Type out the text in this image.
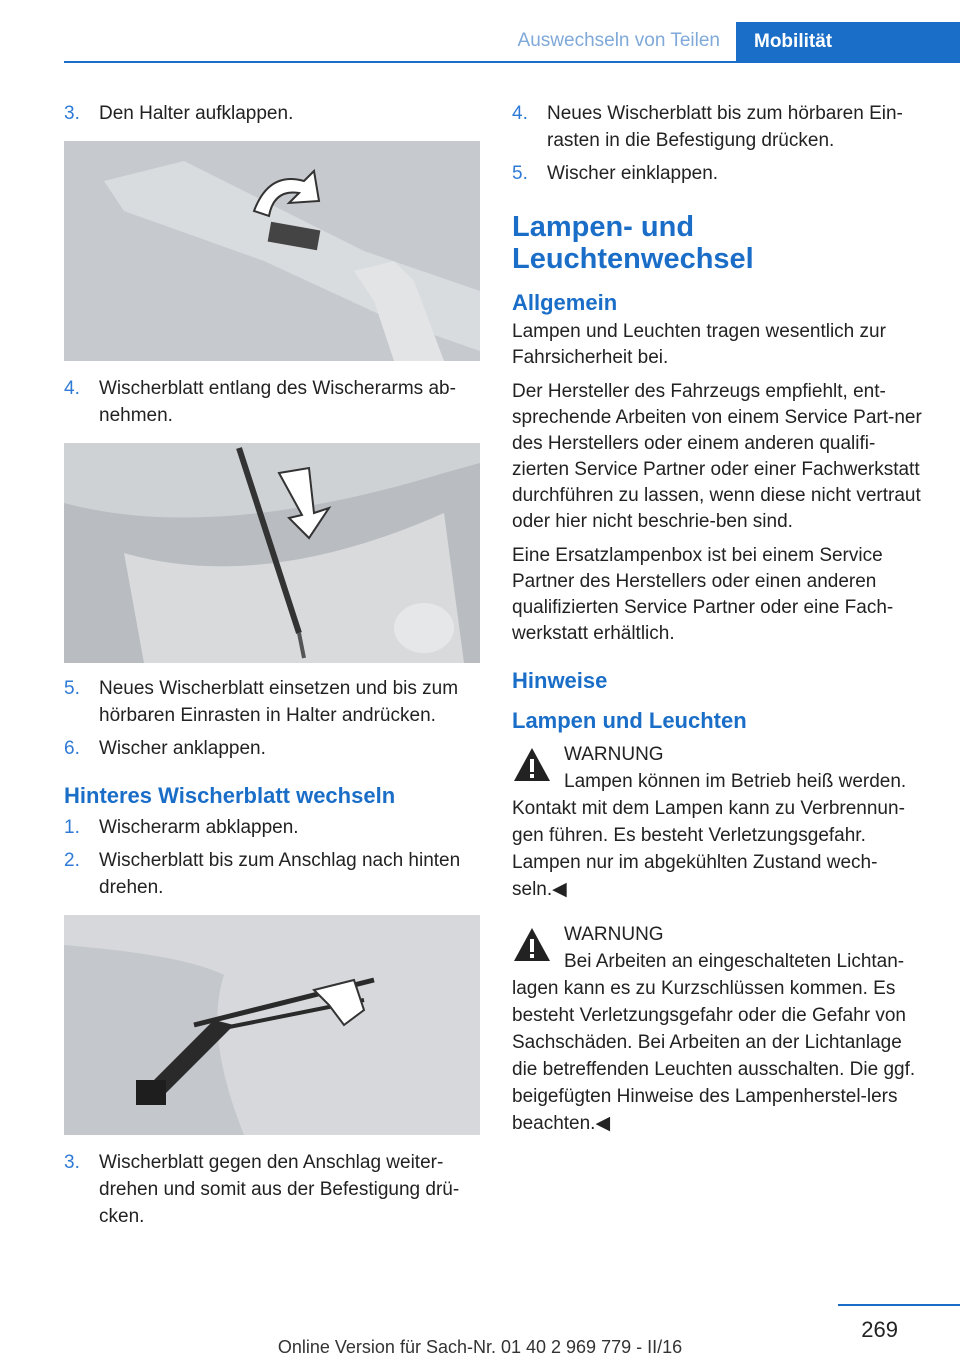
Auswechseln von Teilen	Mobilität
3.	Den Halter aufklappen.
4.	Wischerblatt entlang des Wischerarms ab‐nehmen.
5.	Neues Wischerblatt einsetzen und bis zum hörbaren Einrasten in Halter andrücken.
6.	Wischer anklappen.
Hinteres Wischerblatt wechseln
1.	Wischerarm abklappen.
2.	Wischerblatt bis zum Anschlag nach hinten drehen.
3.	Wischerblatt gegen den Anschlag weiter‐drehen und somit aus der Befestigung drü‐cken.
4.	Neues Wischerblatt bis zum hörbaren Ein‐rasten in die Befestigung drücken.
5.	Wischer einklappen.
Lampen- und Leuchtenwechsel
Allgemein

Lampen und Leuchten tragen wesentlich zur Fahrsicherheit bei.

Der Hersteller des Fahrzeugs empfiehlt, ent‐sprechende Arbeiten von einem Service Part‐ner des Herstellers oder einem anderen qualifi‐zierten Service Partner oder einer Fachwerkstatt durchführen zu lassen, wenn diese nicht vertraut oder hier nicht beschrie‐ben sind.

Eine Ersatzlampenbox ist bei einem Service Partner des Herstellers oder einen anderen qualifizierten Service Partner oder eine Fach‐werkstatt erhältlich.

Hinweise
Lampen und Leuchten
WARNUNG
Lampen können im Betrieb heiß werden.
Kontakt mit dem Lampen kann zu Verbrennun‐gen führen. Es besteht Verletzungsgefahr. Lampen nur im abgekühlten Zustand wech‐seln.◀
WARNUNG
Bei Arbeiten an eingeschalteten Lichtan‐
lagen kann es zu Kurzschlüssen kommen. Es besteht Verletzungsgefahr oder die Gefahr von Sachschäden. Bei Arbeiten an der Lichtanlage die betreffenden Leuchten ausschalten. Die ggf. beigefügten Hinweise des Lampenherstel‐lers beachten.◀
269
Online Version für Sach-Nr. 01 40 2 969 779 - II/16
